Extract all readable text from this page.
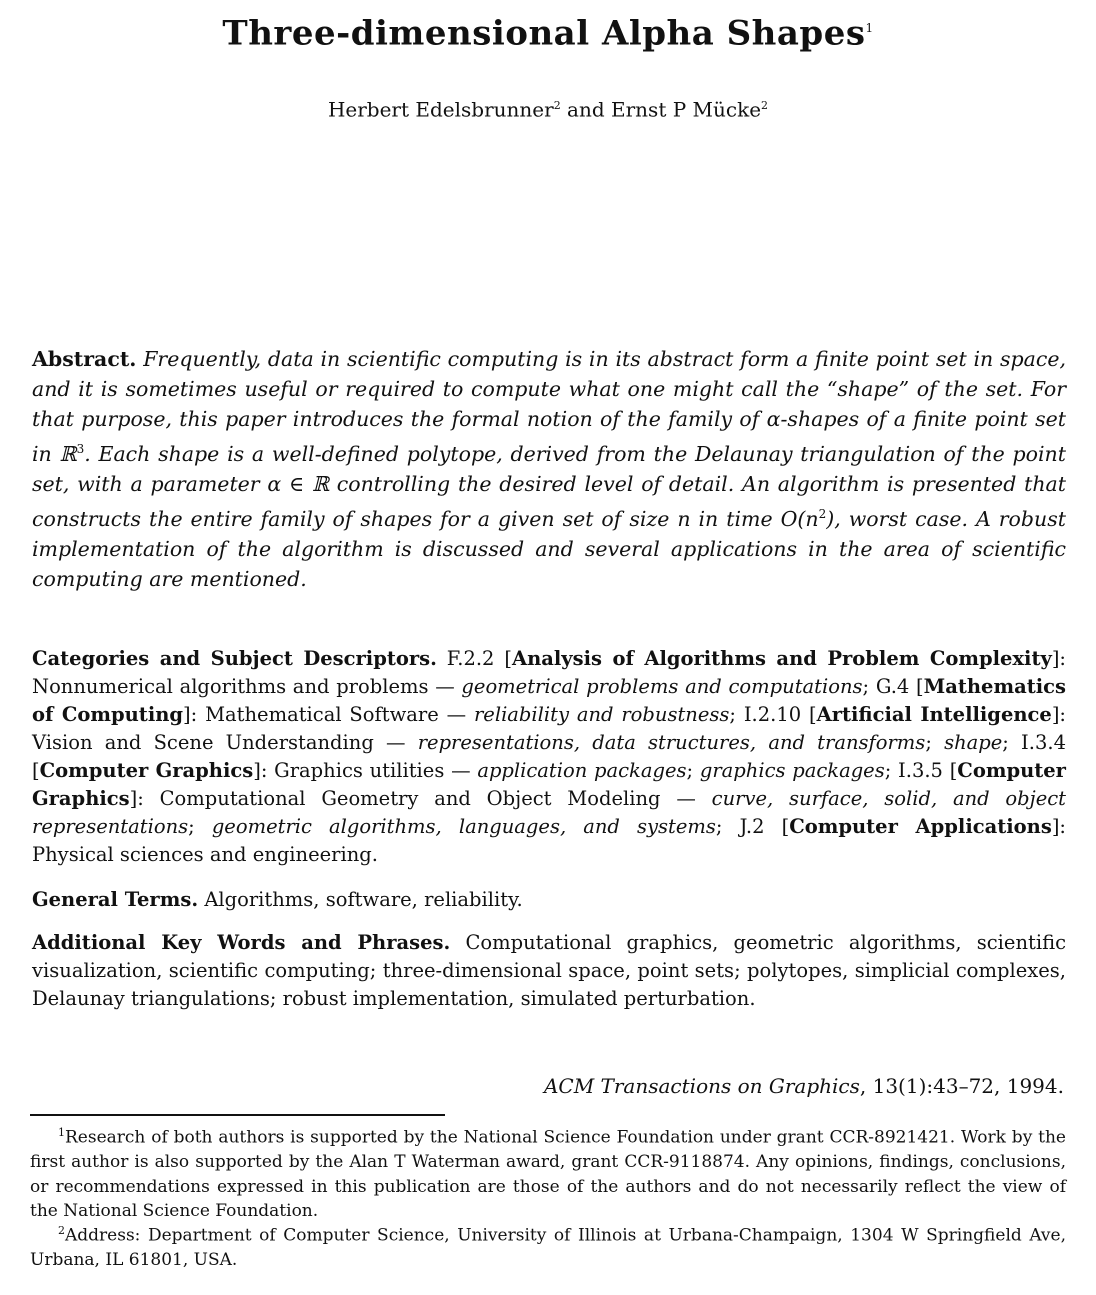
Three-dimensional Alpha Shapes$^1$
Herbert Edelsbrunner$^2$ and Ernst P Mücke$^2$
Abstract. Frequently, data in scientific computing is in its abstract form a finite point set in space, and it is sometimes useful or required to compute what one might call the “shape” of the set. For that purpose, this paper introduces the formal notion of the family of α-shapes of a finite point set in ℝ$^3$. Each shape is a well-defined polytope, derived from the Delaunay triangulation of the point set, with a parameter α ∈ ℝ controlling the desired level of detail. An algorithm is presented that constructs the entire family of shapes for a given set of size n in time $O(n^2)$, worst case. A robust implementation of the algorithm is discussed and several applications in the area of scientific computing are mentioned.
Categories and Subject Descriptors. F.2.2 [Analysis of Algorithms and Problem Complexity]: Nonnumerical algorithms and problems — geometrical problems and computations; G.4 [Mathematics of Computing]: Mathematical Software — reliability and robustness; I.2.10 [Artificial Intelligence]: Vision and Scene Understanding — representations, data structures, and transforms; shape; I.3.4 [Computer Graphics]: Graphics utilities — application packages; graphics packages; I.3.5 [Computer Graphics]: Computational Geometry and Object Modeling — curve, surface, solid, and object representations; geometric algorithms, languages, and systems; J.2 [Computer Applications]: Physical sciences and engineering.
General Terms. Algorithms, software, reliability.
Additional Key Words and Phrases. Computational graphics, geometric algorithms, scientific visualization, scientific computing; three-dimensional space, point sets; polytopes, simplicial complexes, Delaunay triangulations; robust implementation, simulated perturbation.
ACM Transactions on Graphics, 13(1):43–72, 1994.
$^1$Research of both authors is supported by the National Science Foundation under grant CCR-8921421. Work by the first author is also supported by the Alan T Waterman award, grant CCR-9118874. Any opinions, findings, conclusions, or recommendations expressed in this publication are those of the authors and do not necessarily reflect the view of the National Science Foundation.
$^2$Address: Department of Computer Science, University of Illinois at Urbana-Champaign, 1304 W Springfield Ave, Urbana, IL 61801, USA.
